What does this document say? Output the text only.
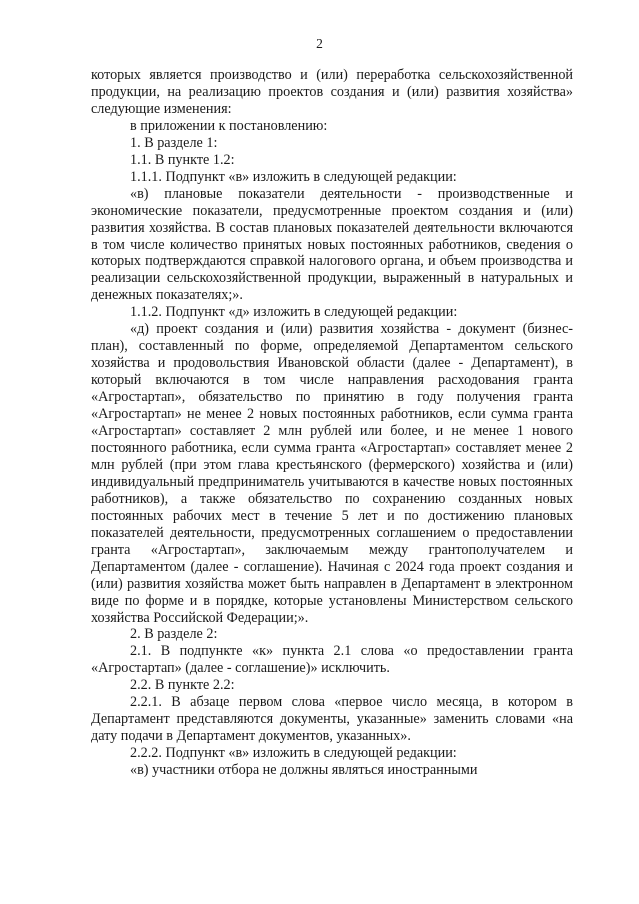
2

которых является производство и (или) переработка сельскохозяйственной продукции, на реализацию проектов создания и (или) развития хозяйства» следующие изменения:

в приложении к постановлению:

1. В разделе 1:

1.1. В пункте 1.2:

1.1.1. Подпункт «в» изложить в следующей редакции:

«в) плановые показатели деятельности - производственные и экономические показатели, предусмотренные проектом создания и (или) развития хозяйства. В состав плановых показателей деятельности включаются в том числе количество принятых новых постоянных работников, сведения о которых подтверждаются справкой налогового органа, и объем производства и реализации сельскохозяйственной продукции, выраженный в натуральных и денежных показателях;».

1.1.2. Подпункт «д» изложить в следующей редакции:

«д) проект создания и (или) развития хозяйства - документ (бизнес-план), составленный по форме, определяемой Департаментом сельского хозяйства и продовольствия Ивановской области (далее - Департамент), в который включаются в том числе направления расходования гранта «Агростартап», обязательство по принятию в году получения гранта «Агростартап» не менее 2 новых постоянных работников, если сумма гранта «Агростартап» составляет 2 млн рублей или более, и не менее 1 нового постоянного работника, если сумма гранта «Агростартап» составляет менее 2 млн рублей (при этом глава крестьянского (фермерского) хозяйства и (или) индивидуальный предприниматель учитываются в качестве новых постоянных работников), а также обязательство по сохранению созданных новых постоянных рабочих мест в течение 5 лет и по достижению плановых показателей деятельности, предусмотренных соглашением о предоставлении гранта «Агростартап», заключаемым между грантополучателем и Департаментом (далее - соглашение). Начиная с 2024 года проект создания и (или) развития хозяйства может быть направлен в Департамент в электронном виде по форме и в порядке, которые установлены Министерством сельского хозяйства Российской Федерации;».

2. В разделе 2:

2.1. В подпункте «к» пункта 2.1 слова «о предоставлении гранта «Агростартап» (далее - соглашение)» исключить.

2.2. В пункте 2.2:

2.2.1. В абзаце первом слова «первое число месяца, в котором в Департамент представляются документы, указанные» заменить словами «на дату подачи в Департамент документов, указанных».

2.2.2. Подпункт «в» изложить в следующей редакции:

«в) участники отбора не должны являться иностранными
